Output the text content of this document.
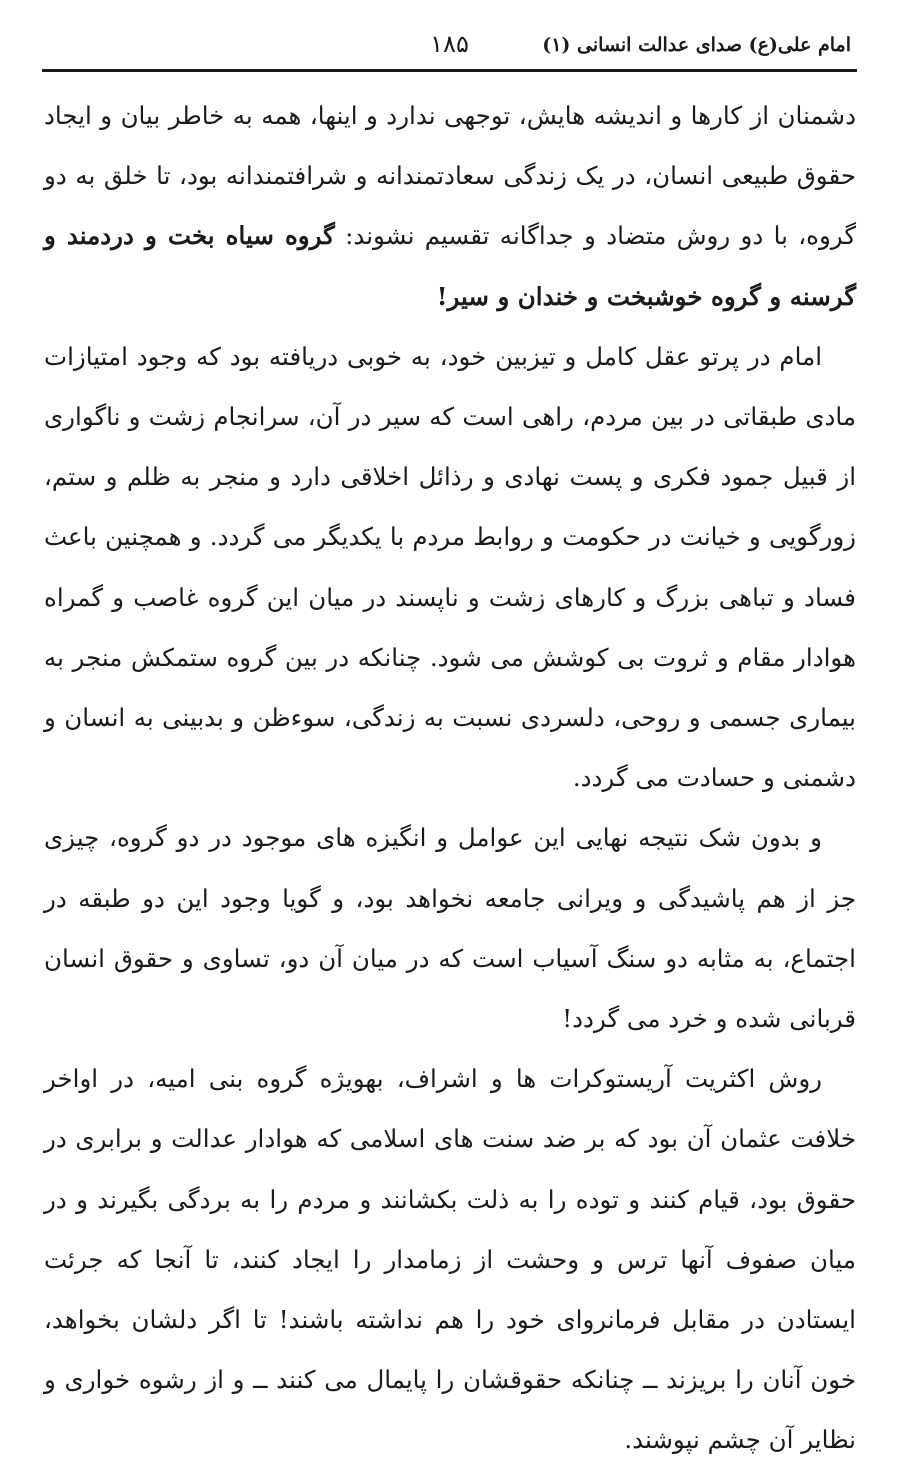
امام علی(ع) صدای عدالت انسانی (۱)
۱۸۵

دشمنان از کارها و اندیشه هایش، توجهی ندارد و اینها، همه به خاطر بیان و ایجاد حقوق طبیعی انسان، در یک زندگی سعادتمندانه و شرافتمندانه بود، تا خلق به دو گروه، با دو روش متضاد و جداگانه تقسیم نشوند: گروه سیاه بخت و دردمند و گرسنه و گروه خوشبخت و خندان و سیر!

امام در پرتو عقل کامل و تیزبین خود، به خوبی دریافته بود که وجود امتیازات مادی طبقاتی در بین مردم، راهی است که سیر در آن، سرانجام زشت و ناگواری از قبیل جمود فکری و پست نهادی و رذائل اخلاقی دارد و منجر به ظلم و ستم، زورگویی و خیانت در حکومت و روابط مردم با یکدیگر می گردد. و همچنین باعث فساد و تباهی بزرگ و کارهای زشت و ناپسند در میان این گروه غاصب و گمراه هوادار مقام و ثروت بی کوشش می شود. چنانکه در بین گروه ستمکش منجر به بیماری جسمی و روحی، دلسردی نسبت به زندگی، سوءظن و بدبینی به انسان و دشمنی و حسادت می گردد.

و بدون شک نتیجه نهایی این عوامل و انگیزه های موجود در دو گروه، چیزی جز از هم پاشیدگی و ویرانی جامعه نخواهد بود، و گویا وجود این دو طبقه در اجتماع، به مثابه دو سنگ آسیاب است که در میان آن دو، تساوی و حقوق انسان قربانی شده و خرد می گردد!

روش اکثریت آریستوکرات ها و اشراف، بهویژه گروه بنی امیه، در اواخر خلافت عثمان آن بود که بر ضد سنت های اسلامی که هوادار عدالت و برابری در حقوق بود، قیام کنند و توده را به ذلت بکشانند و مردم را به بردگی بگیرند و در میان صفوف آنها ترس و وحشت از زمامدار را ایجاد کنند، تا آنجا که جرئت ایستادن در مقابل فرمانروای خود را هم نداشته باشند! تا اگر دلشان بخواهد، خون آنان را بریزند ــ چنانکه حقوقشان را پایمال می کنند ــ و از رشوه خواری و نظایر آن چشم نپوشند.
